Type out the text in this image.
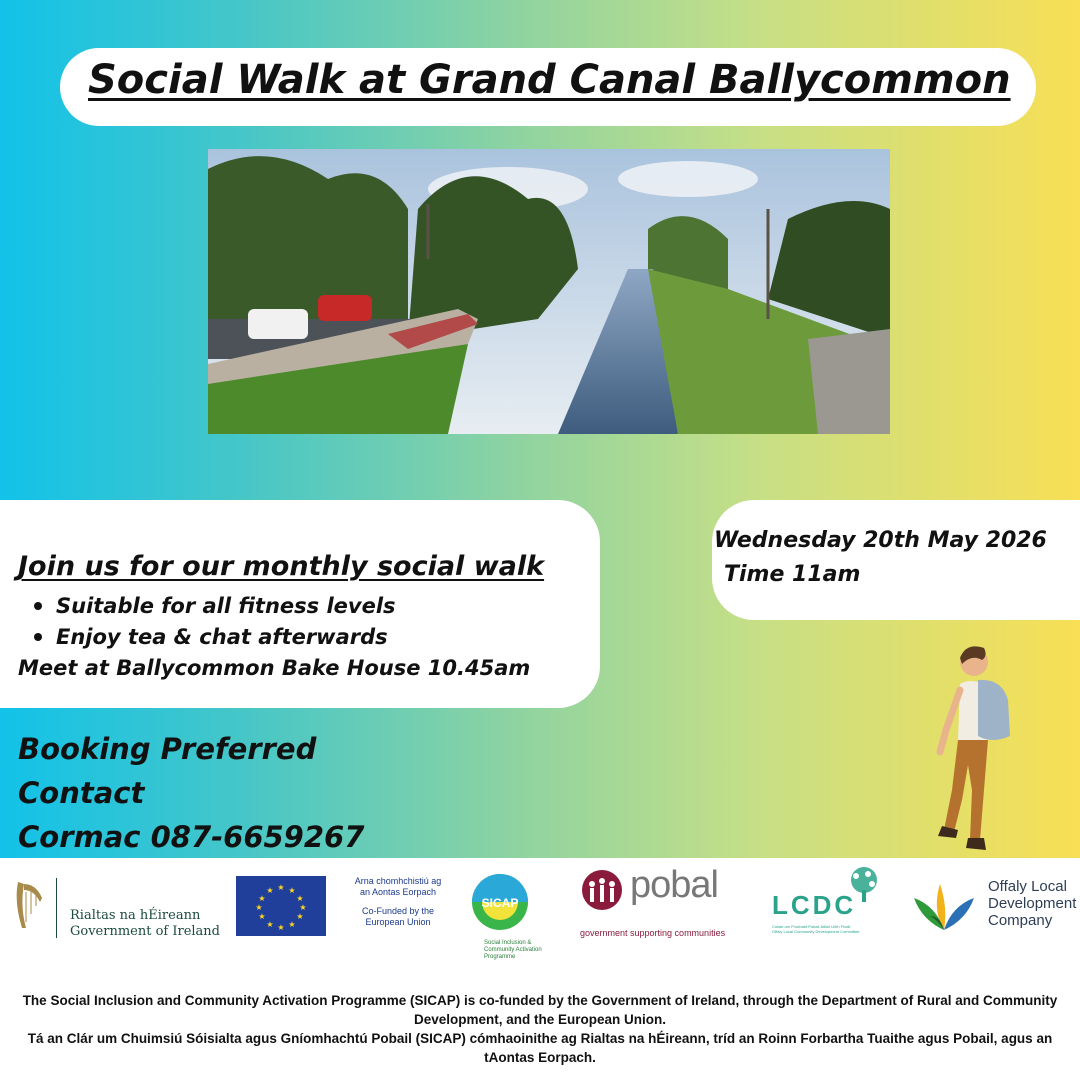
Social Walk at Grand Canal Ballycommon
Join us for our monthly social walk
Suitable for all fitness levels
Enjoy tea & chat afterwards
Meet at Ballycommon Bake House 10.45am
Wednesday 20th May 2026
Time 11am
Booking Preferred
Contact
Cormac 087-6659267
Rialtas na hÉireann
Government of Ireland
★ ★
★
★
★
★
★
★
★
★
★
★
Arna chomhchistiú ag
an Aontas Eorpach
Co-Funded by the
European Union
SICAP
Social Inclusion &
Community Activation
Programme
pobal
government supporting communities
LCDC
Coiste um Fhorbairt Pobail Áitiúil Uíbh Fhailí
Offaly Local Community Development Committee
Offaly Local
Development
Company

The Social Inclusion and Community Activation Programme (SICAP) is co-funded by the Government of Ireland, through the Department of Rural and Community Development, and the European Union.

Tá an Clár um Chuimsiú Sóisialta agus Gníomhachtú Pobail (SICAP) cómhaoinithe ag Rialtas na hÉireann, tríd an Roinn Forbartha Tuaithe agus Pobail, agus an tAontas Eorpach.
